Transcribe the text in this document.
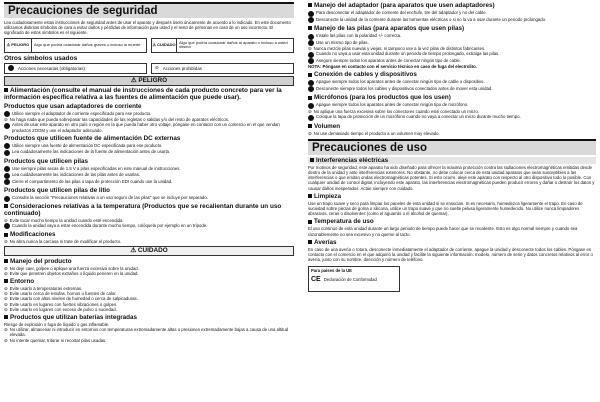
Precauciones de seguridad

Lea cuidadosamente estas instrucciones de seguridad antes de usar el aparato y después úselo únicamente de acuerdo a lo indicado. En este documento utilizamos distintos símbolos de cara a evitar daños y pérdidas de información para usted y el resto de personas en caso de un uso incorrecto. El significado de estos símbolos es el siguiente.

⚠ PELIGRO	Algo que podría ocasionar daños graves o incluso la muerte	⚠ CUIDADO Algo que podría ocasionar daños al aparato o incluso a usted mismo
Otros símbolos usados
Acciones necesarias (obligatorias)	⊘ Acciones prohibidas
⚠ PELIGRO
Alimentación (consulte el manual de instrucciones de cada producto concreto para ver la información específica relativa a las fuentes de alimentación que puede usar).
Productos que usan adaptadores de corriente
Utilice siempre el adaptador de corriente especificado para ese producto.
⊘ No haga nada que pueda sobrepasar las capacidades de las regletas o salidas y/o del resto de aparatos eléctricos.
Antes de usar este aparato en otro país o región en la que pueda haber otro voltaje, póngase en contacto con un comercio en el que vendan productos ZOOM y use el adaptador adecuado.
Productos que utilicen fuente de alimentación DC externas
Utilice siempre una fuente de alimentación DC especificada para ese producto.
Lea cuidadosamente las indicaciones de la fuente de alimentación antes de usarla.
Productos que utilicen pilas
Use siempre pilas secas de 1.5 V a pilas especificadas en este manual de instrucciones.
Lea cuidadosamente las indicaciones de las pilas antes de usarlas.
Cierre el compartimento de las pilas o tapa de protección EDI cuando use la unidad.
Productos que utilicen pilas de litio
Consulte la sección "Precauciones relativas a un uso seguro de las pilas" que se incluye por separado.
Consideraciones relativas a la temperatura (Productos que se recalientan durante un uso continuado)
⊘ Evite tocar mucho tiempo la unidad cuando esté encendida.
Cuando la unidad vaya a estar encendida durante mucho tiempo, colóquela por ejemplo en un trípode.
Modificaciones
⊘ No abra nunca la carcasa ni trate de modificar el producto.
⚠ CUIDADO
Manejo del producto
⊘ No deje caer, golpee o aplique una fuerza excesiva sobre la unidad.
⊘ Evite que penetren objetos extraños o líquido peneren en la unidad.
Entorno
⊘ Evite usarlo a temperaturas extremas.
⊘ Evite usarlo cerca de estufas, hornos u fuentes de calor.
⊘ Evite usarlo con altos niveles de humedad o cerca de salpicaduras.
⊘ Evite usarlo en lugares con fuertes vibraciones o golpes.
⊘ Evite usarlo en lugares con exceso de polvo o suciedad.
Productos que utilizan baterías integradas

Riesgo de explosión o fuga de líquido o gas inflamable.

⊘ No utilizar, almacenar ni introducir en entornos con temperaturas extremadamente altas o presiones extremadamente bajas a causa de una altitud elevada.
⊘ No intente quemar, triturar ni recortar pilas usadas.
Manejo del adaptador (para aparatos que usen adaptadores)
Para desconectar el adaptador de corriente del enchufe, tire del adaptador y no del cable.
Desconecte la unidad de la corriente durante las tormentas eléctricas o si no la va a usar durante un periodo prolongado.
Manejo de las pilas (para aparatos que usen pilas)
Instale las pilas con la polaridad +/- correcta.
Use un mismo tipo de pilas.
⊘ Nunca mezcle pilas nuevas y viejas, ni tampoco use a la vez pilas de distintos fabricantes.
Cuando no vaya a usar esta unidad durante un periodo de tiempo prolongado, extraiga las pilas.
Asegure siempre todos los aparatos antes de conectar ningún tipo de cable.

NOTA: Póngase en contacto con el servicio técnico en caso de fuga del electrolito.

Conexión de cables y dispositivos
Apague siempre todos los aparatos antes de conectar ningún tipo de cable o dispositivo.
Desconecte siempre todos los cables y dispositivos conectados antes de mover esta unidad.
Micrófonos (para los productos que los usen)
Apague siempre todos los aparatos antes de conectar ningún tipo de micrófono.
⊘ No aplique una fuerza excesiva sobre los conectores cuando esté conectado un micro.
Coloque la tapa de protección de un micrófono cuando no vaya a conectar un micro durante mucho tiempo.
Volumen
⊘ No use demasiado tiempo el producto a un volumen muy elevado.
Precauciones de uso
Interferencias eléctricas

Por motivos de seguridad, este aparato ha sido diseñado para ofrecer la máxima protección contra las radiaciones electromagnéticas emitidas desde dentro de la unidad y ante interferencias exteriores. No obstante, no debe colocar cerca de esta unidad aparatos que sean susceptibles a las interferencias o que emitan ondas electromagnéticas potentes. Si esto ocurre, aleje este aparato con respecto al otro dispositivo todo lo posible. Con cualquier unidad de control digital, incluyendo este aparato, las interferencias electromagnéticas pueden producir errores y dañar o destruir los datos y causar daños inesperados. Actúe siempre con cuidado.

Limpieza

Use un trapo suave y seco para limpiar los paneles de esta unidad si se ensucian. Si es necesario, humedezca ligeramente el trapo. En caso de suciedad sobre piezas de goma o silicona, utilice un trapo suave y que no suelte pelusa ligeramente humedecido. No utilice nunca limpiadores abrasivos, ceras o disolventes (como el aguarrás o el alcohol de quemar).

Temperatura de uso

El uso continuo de esta unidad durante un largo periodo de tiempo puede hacer que se recaliente. Esto es algo normal siempre y cuando sea razonablemente no sea excesivo y no queme al tacto.

Averías

En caso de una avería o rotura, desconecte inmediatamente el adaptador de corriente, apague la unidad y desconecte todos los cables. Póngase en contacto con el comercio en el que adquirió la unidad y facilite la siguiente información: modelo, número de serie y datos concretos relativos al error o avería, junto con su nombre, dirección y número de teléfono.

Para países de la UE
CE Declaración de Conformidad
